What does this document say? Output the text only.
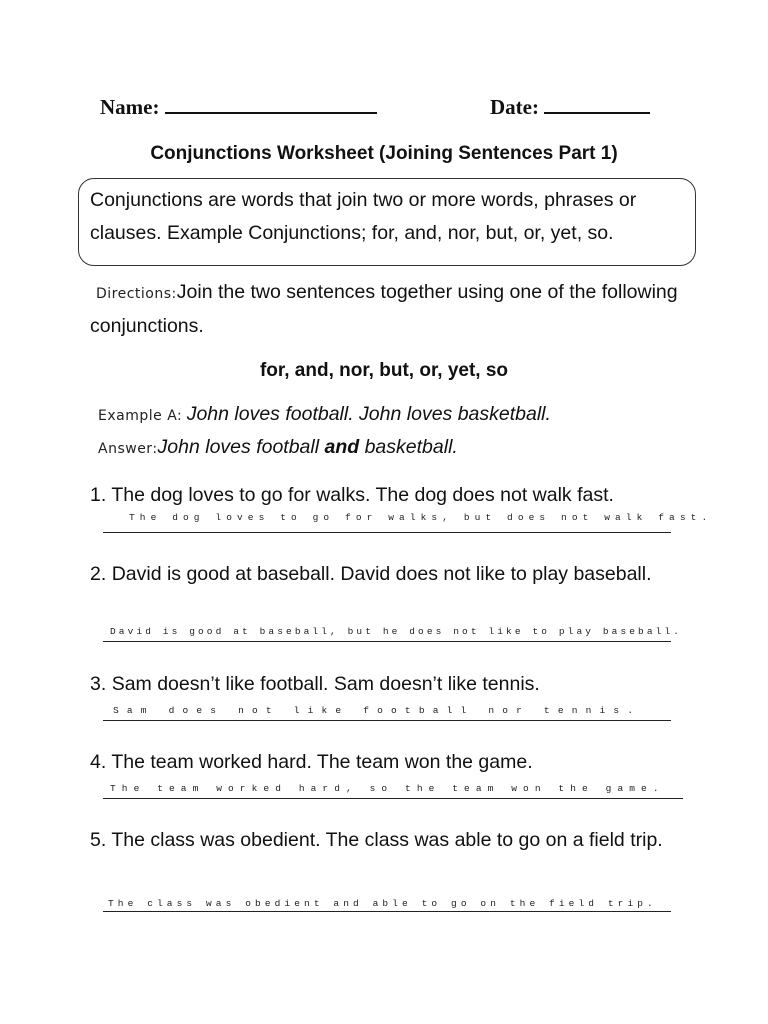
Name:	Date:
Conjunctions Worksheet (Joining Sentences Part 1)
Conjunctions are words that join two or more words, phrases or clauses. Example Conjunctions; for, and, nor, but, or, yet, so.
Directions:Join the two sentences together using one of the following conjunctions.
for, and, nor, but, or, yet, so
Example A: John loves football. John loves basketball.
Answer:John loves football and basketball.
1. The dog loves to go for walks. The dog does not walk fast.
The dog loves to go for walks, but does not walk fast.
2. David is good at baseball. David does not like to play baseball.
David is good at baseball, but he does not like to play baseball.
3. Sam doesn’t like football. Sam doesn’t like tennis.
Sam does not like football nor tennis.
4. The team worked hard. The team won the game.
The team worked hard, so the team won the game.
5. The class was obedient. The class was able to go on a field trip.
The class was obedient and able to go on the field trip.
